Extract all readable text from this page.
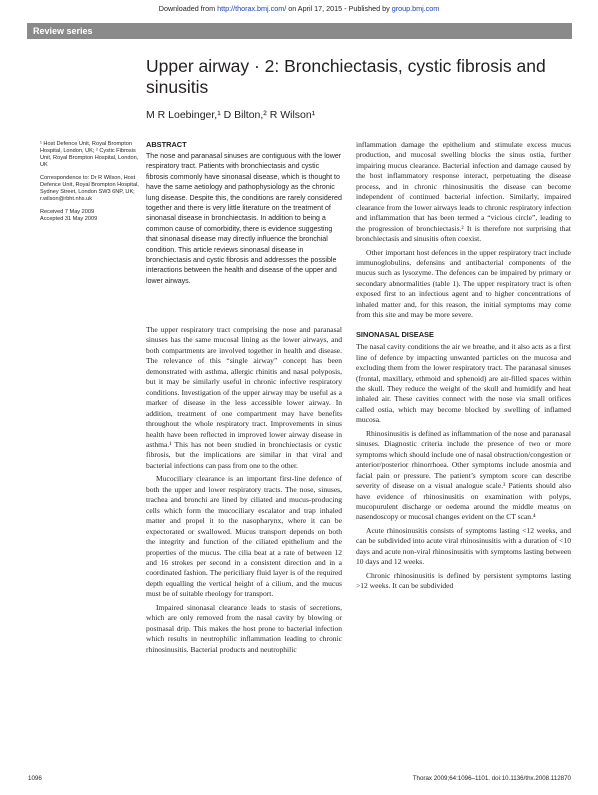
Downloaded from http://thorax.bmj.com/ on April 17, 2015 - Published by group.bmj.com
Review series
Upper airway · 2: Bronchiectasis, cystic fibrosis and sinusitis
M R Loebinger,¹ D Bilton,² R Wilson¹

¹ Host Defence Unit, Royal Brompton Hospital, London, UK; ² Cystic Fibrosis Unit, Royal Brompton Hospital, London, UK

Correspondence to: Dr R Wilson, Host Defence Unit, Royal Brompton Hospital, Sydney Street, London SW3 6NP, UK; r.wilson@rbht.nhs.uk

Received 7 May 2009

Accepted 31 May 2009

ABSTRACT

The nose and paranasal sinuses are contiguous with the lower respiratory tract. Patients with bronchiectasis and cystic fibrosis commonly have sinonasal disease, which is thought to have the same aetiology and pathophysiology as the chronic lung disease. Despite this, the conditions are rarely considered together and there is very little literature on the treatment of sinonasal disease in bronchiectasis. In addition to being a common cause of comorbidity, there is evidence suggesting that sinonasal disease may directly influence the bronchial condition. This article reviews sinonasal disease in bronchiectasis and cystic fibrosis and addresses the possible interactions between the health and disease of the upper and lower airways.

The upper respiratory tract comprising the nose and paranasal sinuses has the same mucosal lining as the lower airways, and both compartments are involved together in health and disease. The relevance of this “single airway” concept has been demonstrated with asthma, allergic rhinitis and nasal polyposis, but it may be similarly useful in chronic infective respiratory conditions. Investigation of the upper airway may be useful as a marker of disease in the less accessible lower airway. In addition, treatment of one compartment may have benefits throughout the whole respiratory tract. Improvements in sinus health have been reflected in improved lower airway disease in asthma.¹ This has not been studied in bronchiectasis or cystic fibrosis, but the implications are similar in that viral and bacterial infections can pass from one to the other.

Mucociliary clearance is an important first-line defence of both the upper and lower respiratory tracts. The nose, sinuses, trachea and bronchi are lined by ciliated and mucus-producing cells which form the mucociliary escalator and trap inhaled matter and propel it to the nasopharynx, where it can be expectorated or swallowed. Mucus transport depends on both the integrity and function of the ciliated epithelium and the properties of the mucus. The cilia beat at a rate of between 12 and 16 strokes per second in a consistent direction and in a coordinated fashion. The periciliary fluid layer is of the required depth equalling the vertical height of a cilium, and the mucus must be of suitable rheology for transport.

Impaired sinonasal clearance leads to stasis of secretions, which are only removed from the nasal cavity by blowing or postnasal drip. This makes the host prone to bacterial infection which results in neutrophilic inflammation leading to chronic rhinosinusitis. Bacterial products and neutrophilic

inflammation damage the epithelium and stimulate excess mucus production, and mucosal swelling blocks the sinus ostia, further impairing mucus clearance. Bacterial infection and damage caused by the host inflammatory response interact, perpetuating the disease process, and in chronic rhinosinusitis the disease can become independent of continued bacterial infection. Similarly, impaired clearance from the lower airways leads to chronic respiratory infection and inflammation that has been termed a “vicious circle”, leading to the progression of bronchiectasis.² It is therefore not surprising that bronchiectasis and sinusitis often coexist.

Other important host defences in the upper respiratory tract include immunoglobulins, defensins and antibacterial components of the mucus such as lysozyme. The defences can be impaired by primary or secondary abnormalities (table 1). The upper respiratory tract is often exposed first to an infectious agent and to higher concentrations of inhaled matter and, for this reason, the initial symptoms may come from this site and may be more severe.

SINONASAL DISEASE

The nasal cavity conditions the air we breathe, and it also acts as a first line of defence by impacting unwanted particles on the mucosa and excluding them from the lower respiratory tract. The paranasal sinuses (frontal, maxillary, ethmoid and sphenoid) are air-filled spaces within the skull. They reduce the weight of the skull and humidify and heat inhaled air. These cavities connect with the nose via small orifices called ostia, which may become blocked by swelling of inflamed mucosa.

Rhinosinusitis is defined as inflammation of the nose and paranasal sinuses. Diagnostic criteria include the presence of two or more symptoms which should include one of nasal obstruction/congestion or anterior/posterior rhinorrhoea. Other symptoms include anosmia and facial pain or pressure. The patient’s symptom score can describe severity of disease on a visual analogue scale.³ Patients should also have evidence of rhinosinusitis on examination with polyps, mucopurulent discharge or oedema around the middle meatus on nasendoscopy or mucosal changes evident on the CT scan.⁴

Acute rhinosinusitis consists of symptoms lasting <12 weeks, and can be subdivided into acute viral rhinosinusitis with a duration of <10 days and acute non-viral rhinosinusitis with symptoms lasting between 10 days and 12 weeks.

Chronic rhinosinusitis is defined by persistent symptoms lasting >12 weeks. It can be subdivided

1096	Thorax 2009;64:1096–1101. doi:10.1136/thx.2008.112870
